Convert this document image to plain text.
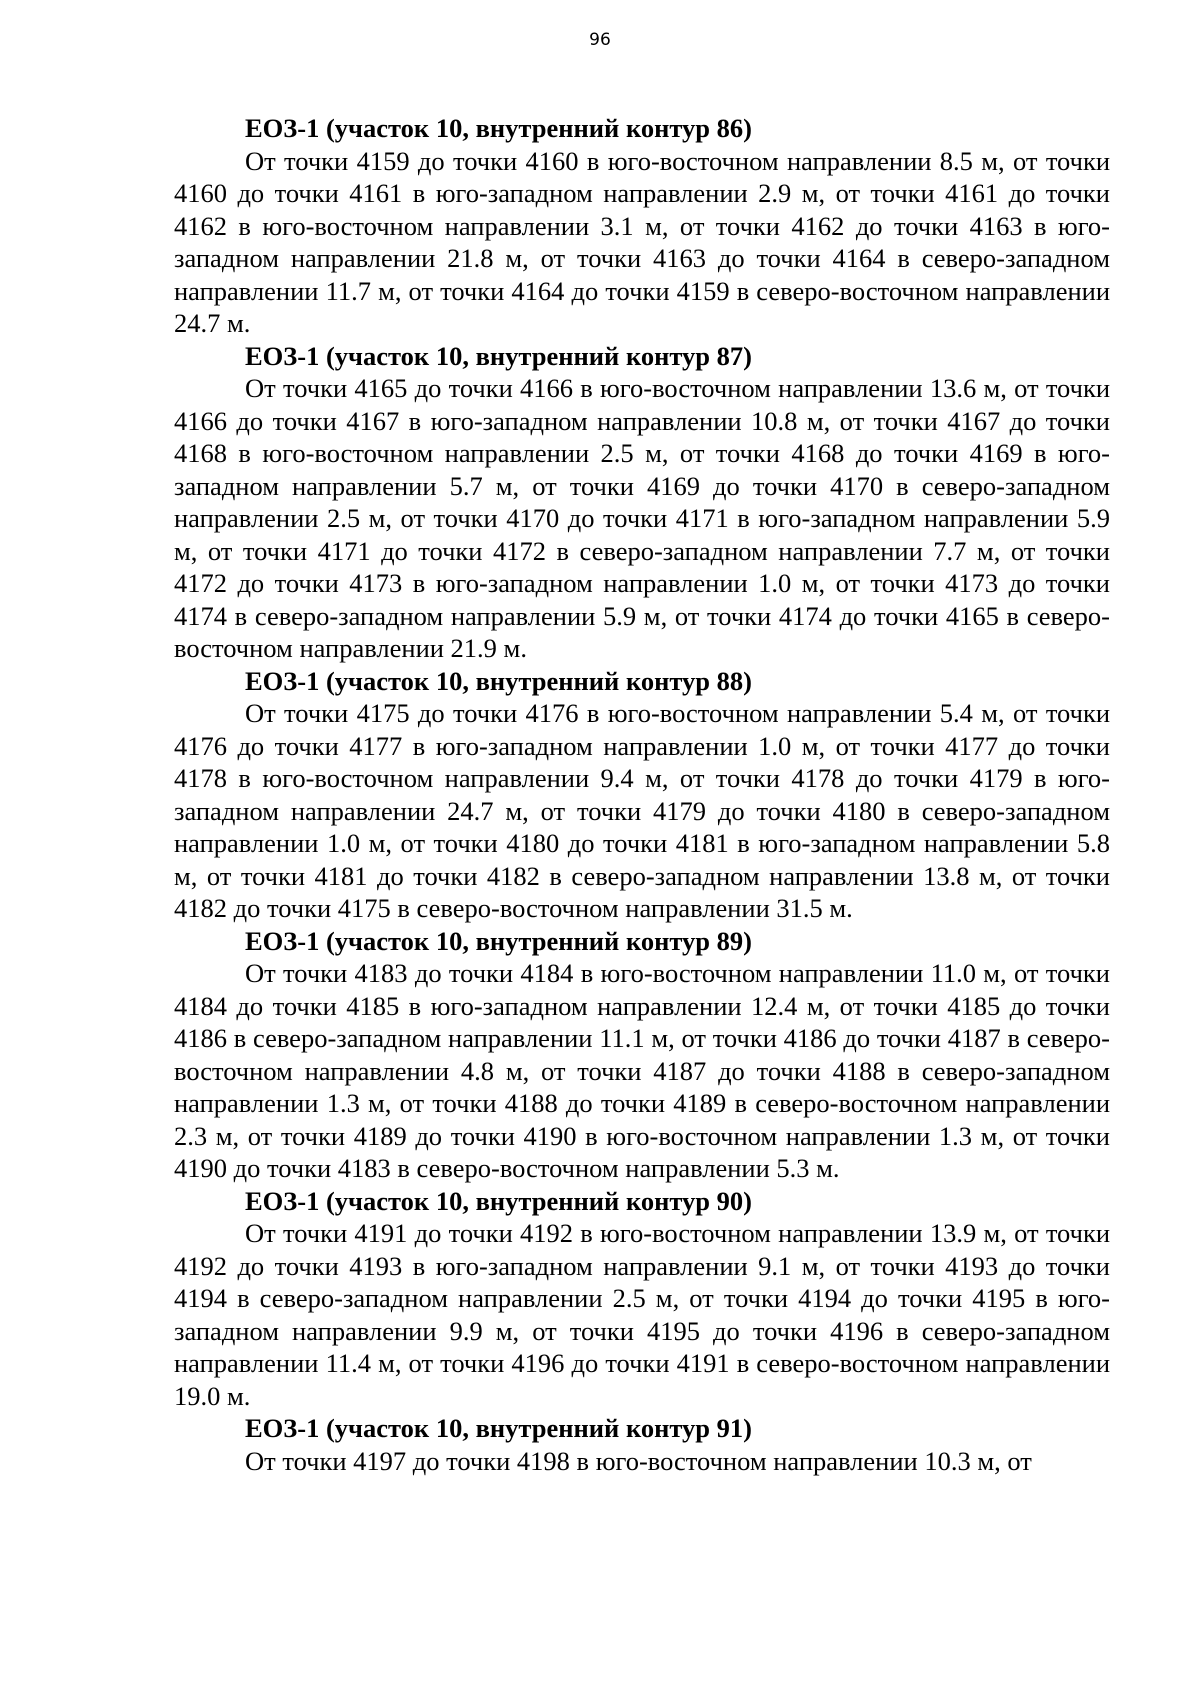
96

ЕОЗ-1 (участок 10, внутренний контур 86)

От точки 4159 до точки 4160 в юго-восточном направлении 8.5 м, от точки 4160 до точки 4161 в юго-западном направлении 2.9 м, от точки 4161 до точки 4162 в юго-восточном направлении 3.1 м, от точки 4162 до точки 4163 в юго-западном направлении 21.8 м, от точки 4163 до точки 4164 в северо-западном направлении 11.7 м, от точки 4164 до точки 4159 в северо-восточном направлении 24.7 м.

ЕОЗ-1 (участок 10, внутренний контур 87)

От точки 4165 до точки 4166 в юго-восточном направлении 13.6 м, от точки 4166 до точки 4167 в юго-западном направлении 10.8 м, от точки 4167 до точки 4168 в юго-восточном направлении 2.5 м, от точки 4168 до точки 4169 в юго-западном направлении 5.7 м, от точки 4169 до точки 4170 в северо-западном направлении 2.5 м, от точки 4170 до точки 4171 в юго-западном направлении 5.9 м, от точки 4171 до точки 4172 в северо-западном направлении 7.7 м, от точки 4172 до точки 4173 в юго-западном направлении 1.0 м, от точки 4173 до точки 4174 в северо-западном направлении 5.9 м, от точки 4174 до точки 4165 в северо-восточном направлении 21.9 м.

ЕОЗ-1 (участок 10, внутренний контур 88)

От точки 4175 до точки 4176 в юго-восточном направлении 5.4 м, от точки 4176 до точки 4177 в юго-западном направлении 1.0 м, от точки 4177 до точки 4178 в юго-восточном направлении 9.4 м, от точки 4178 до точки 4179 в юго-западном направлении 24.7 м, от точки 4179 до точки 4180 в северо-западном направлении 1.0 м, от точки 4180 до точки 4181 в юго-западном направлении 5.8 м, от точки 4181 до точки 4182 в северо-западном направлении 13.8 м, от точки 4182 до точки 4175 в северо-восточном направлении 31.5 м.

ЕОЗ-1 (участок 10, внутренний контур 89)

От точки 4183 до точки 4184 в юго-восточном направлении 11.0 м, от точки 4184 до точки 4185 в юго-западном направлении 12.4 м, от точки 4185 до точки 4186 в северо-западном направлении 11.1 м, от точки 4186 до точки 4187 в северо-восточном направлении 4.8 м, от точки 4187 до точки 4188 в северо-западном направлении 1.3 м, от точки 4188 до точки 4189 в северо-восточном направлении 2.3 м, от точки 4189 до точки 4190 в юго-восточном направлении 1.3 м, от точки 4190 до точки 4183 в северо-восточном направлении 5.3 м.

ЕОЗ-1 (участок 10, внутренний контур 90)

От точки 4191 до точки 4192 в юго-восточном направлении 13.9 м, от точки 4192 до точки 4193 в юго-западном направлении 9.1 м, от точки 4193 до точки 4194 в северо-западном направлении 2.5 м, от точки 4194 до точки 4195 в юго-западном направлении 9.9 м, от точки 4195 до точки 4196 в северо-западном направлении 11.4 м, от точки 4196 до точки 4191 в северо-восточном направлении 19.0 м.

ЕОЗ-1 (участок 10, внутренний контур 91)

От точки 4197 до точки 4198 в юго-восточном направлении 10.3 м, от
